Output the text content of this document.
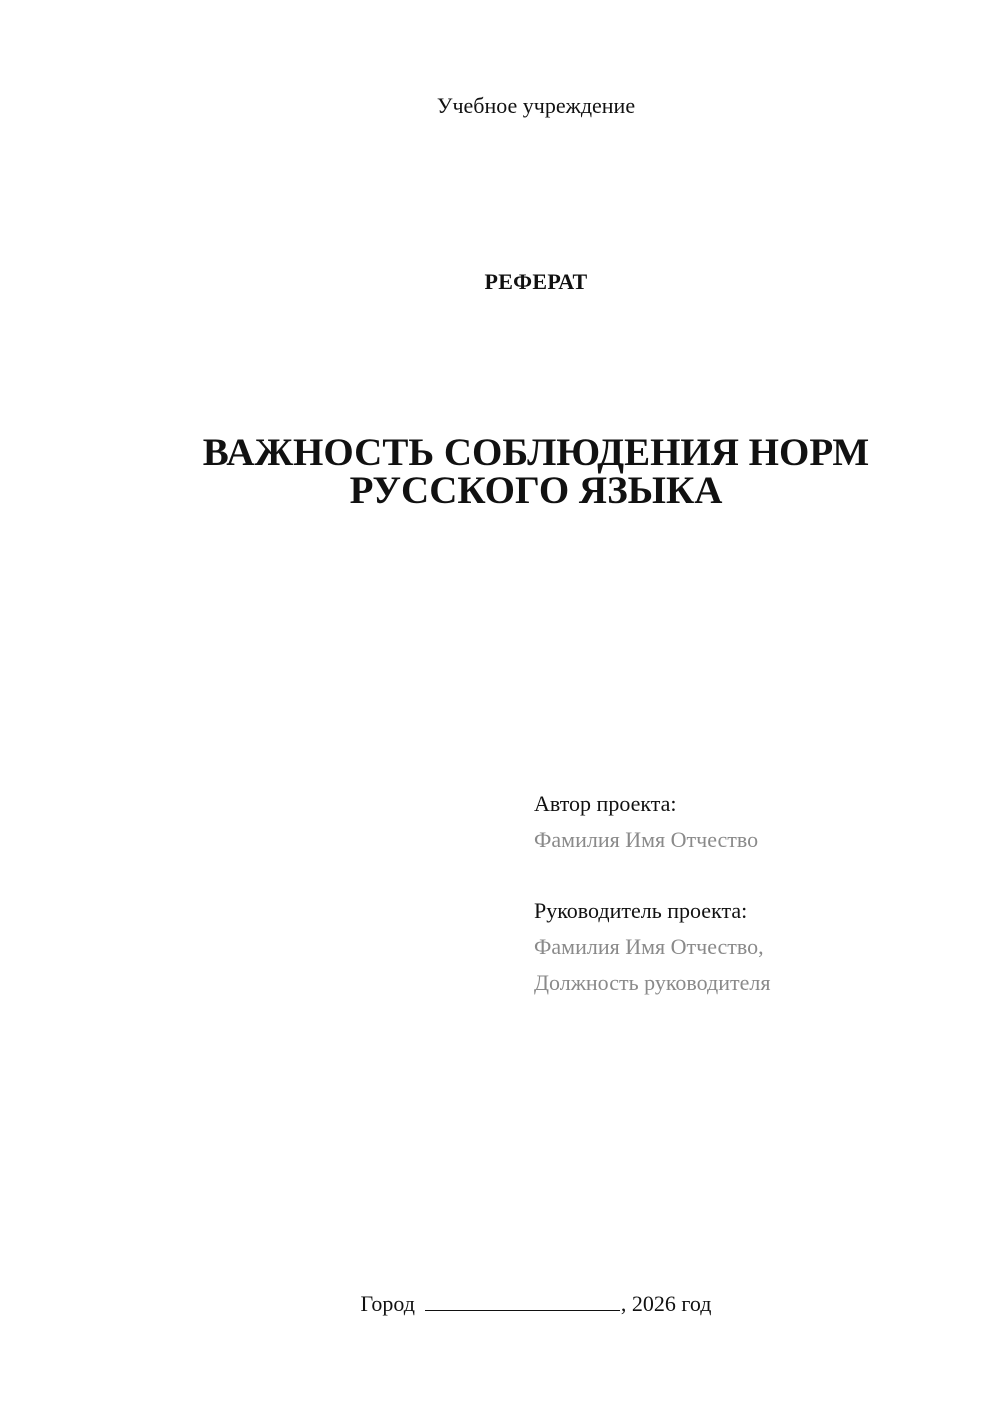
Учебное учреждение
РЕФЕРАТ
ВАЖНОСТЬ СОБЛЮДЕНИЯ НОРМ
РУССКОГО ЯЗЫКА
Автор проекта:
Фамилия Имя Отчество
Руководитель проекта:
Фамилия Имя Отчество,
Должность руководителя
Город	, 2026 год
